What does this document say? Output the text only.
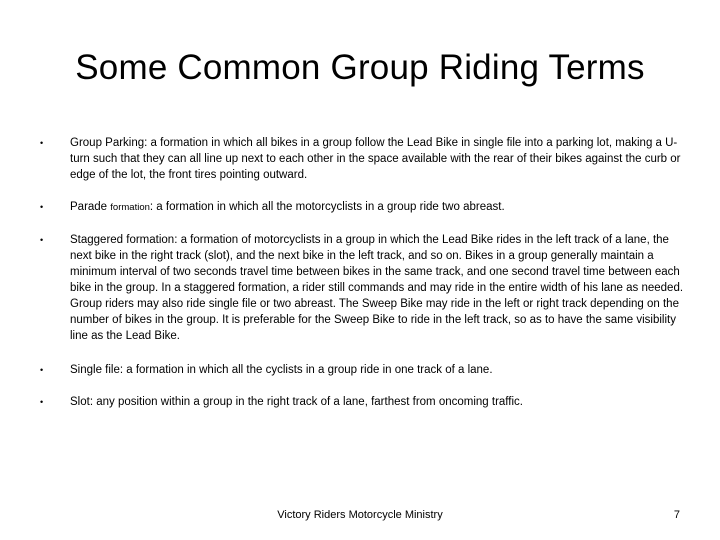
Some Common Group Riding Terms
• Group Parking: a formation in which all bikes in a group follow the Lead Bike in single file into a parking lot, making a U-turn such that they can all line up next to each other in the space available with the rear of their bikes against the curb or edge of the lot, the front tires pointing outward.
• Parade formation: a formation in which all the motorcyclists in a group ride two abreast.
• Staggered formation: a formation of motorcyclists in a group in which the Lead Bike rides in the left track of a lane, the next bike in the right track (slot), and the next bike in the left track, and so on. Bikes in a group generally maintain a minimum interval of two seconds travel time between bikes in the same track, and one second travel time between each bike in the group. In a staggered formation, a rider still commands and may ride in the entire width of his lane as needed. Group riders may also ride single file or two abreast. The Sweep Bike may ride in the left or right track depending on the number of bikes in the group. It is preferable for the Sweep Bike to ride in the left track, so as to have the same visibility line as the Lead Bike.
• Single file: a formation in which all the cyclists in a group ride in one track of a lane.
• Slot: any position within a group in the right track of a lane, farthest from oncoming traffic.
Victory Riders Motorcycle Ministry	7
